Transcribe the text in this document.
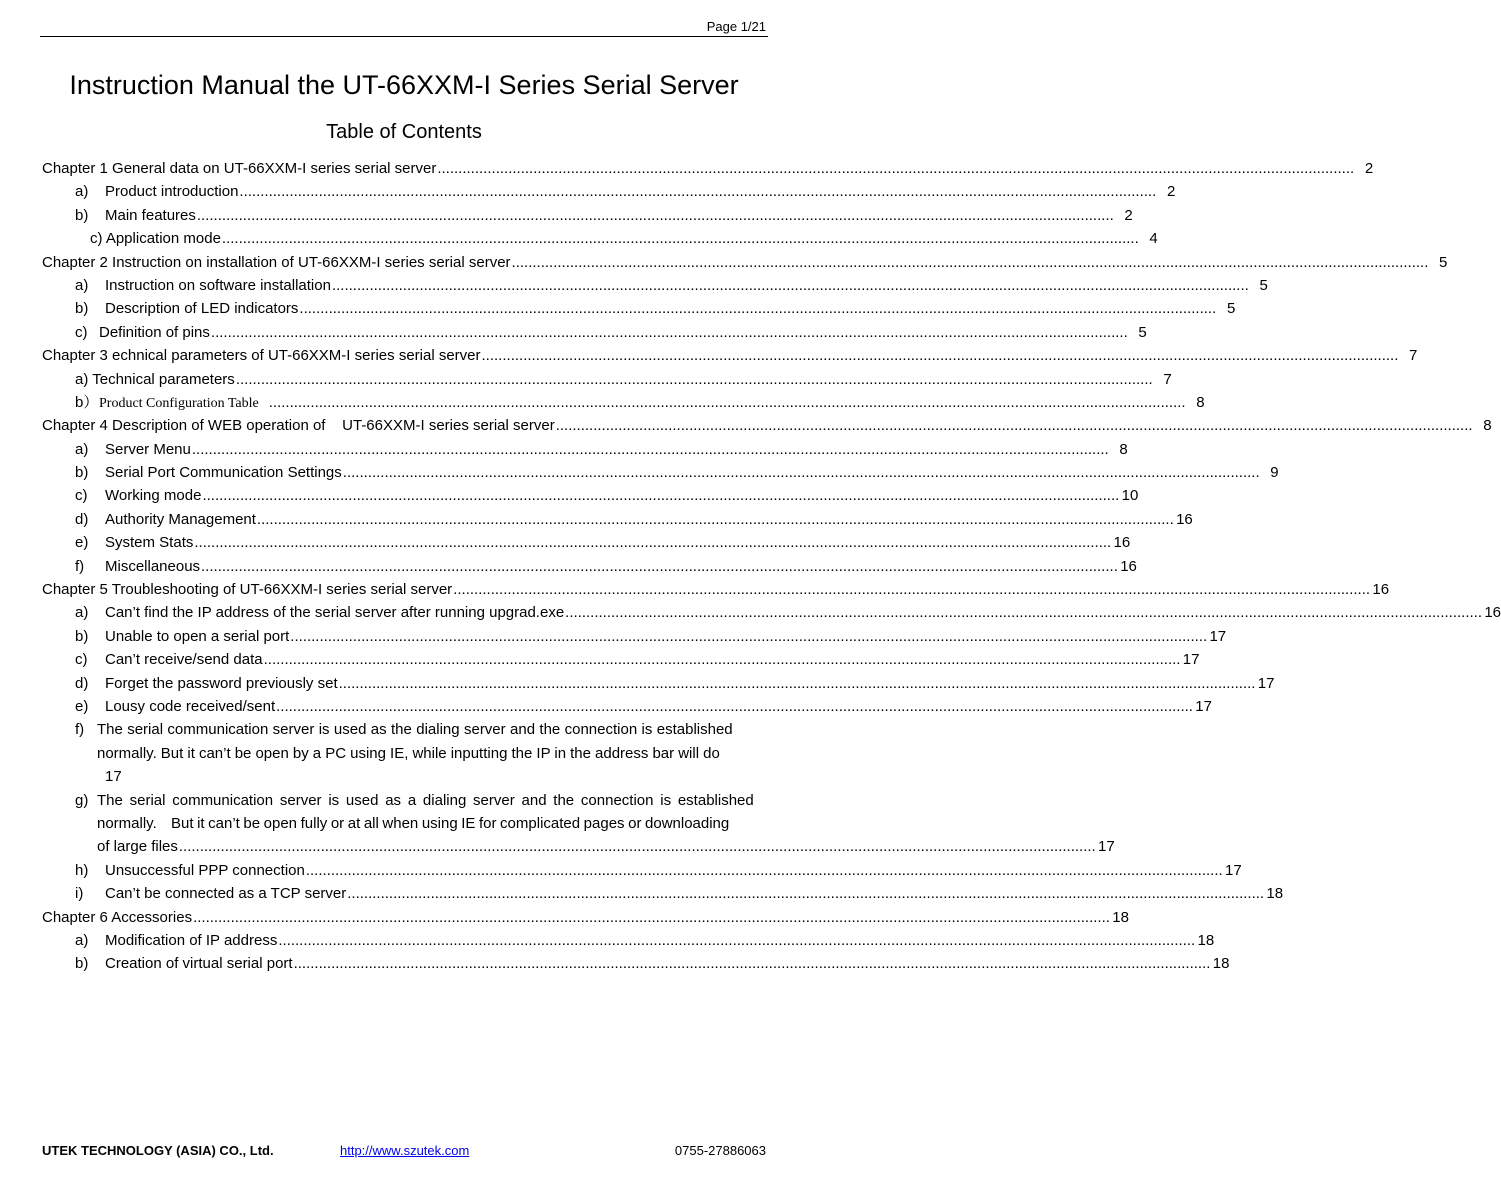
Page 1/21
Instruction Manual the UT-66XXM-I Series Serial Server
Table of Contents
Chapter 1 General data on UT-66XXM-I series serial server .....	2
a)	Product introduction .....	2
b)	Main features .....	2
c) Application mode .....	4
Chapter 2 Instruction on installation of UT-66XXM-I series serial server .....	5
a)	Instruction on software installation .....	5
b)	Description of LED indicators .....	5
c) Definition of pins .....	5
Chapter 3 echnical parameters of UT-66XXM-I series serial server .....	7
a) Technical parameters .....	7
b） Product Configuration Table .....	8
Chapter 4 Description of WEB operation of    UT-66XXM-I series serial server .....	8
a)	Server Menu .....	8
b)	Serial Port Communication Settings .....	9
c)	Working mode .....	10
d)	Authority Management .....	16
e)	System Stats .....	16
f)	Miscellaneous .....	16
Chapter 5 Troubleshooting of UT-66XXM-I series serial server .....	16
a)	Can’t find the IP address of the serial server after running upgrad.exe .....	16
b)	Unable to open a serial port .....	17
c)	Can’t receive/send data .....	17
d)	Forget the password previously set .....	17
e)	Lousy code received/sent .....	17
f) The serial communication server is used as the dialing server and the connection is established
normally. But it can’t be open by a PC using IE, while inputting the IP in the address bar will do
17
g) The serial communication server is used as a dialing server and the connection is established
normally.    But it can’t be open fully or at all when using IE for complicated pages or downloading
of large files .....	17
h)	Unsuccessful PPP connection .....	17
i)	Can’t be connected as a TCP server .....	18
Chapter 6 Accessories .....	18
a)	Modification of IP address .....	18
b)	Creation of virtual serial port .....	18
UTEK TECHNOLOGY (ASIA) CO., Ltd.	http://www.szutek.com	0755-27886063
